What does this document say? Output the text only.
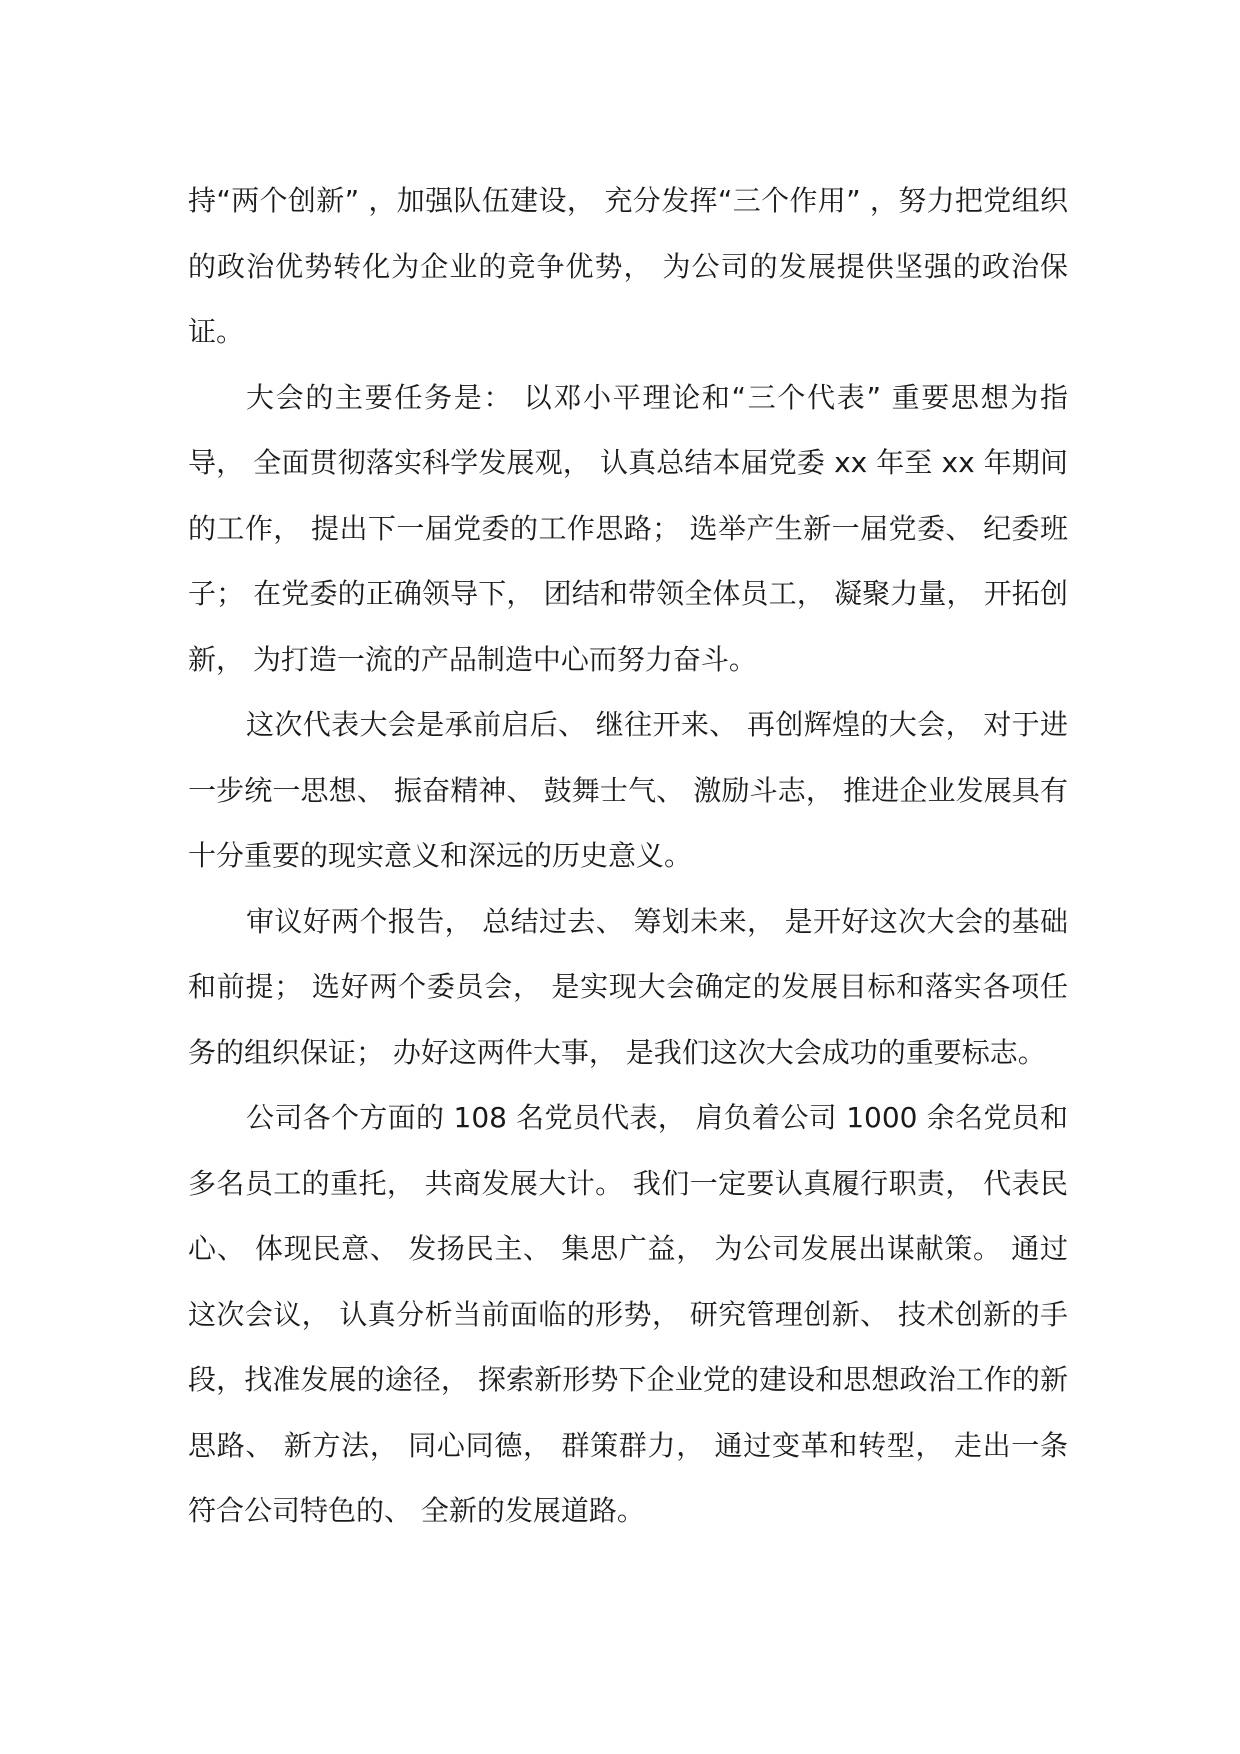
持“两个创新” ，加强队伍建设， 充分发挥“三个作用” ，努力把党组织的政治优势转化为企业的竞争优势， 为公司的发展提供坚强的政治保证。

大会的主要任务是： 以邓小平理论和“三个代表” 重要思想为指导， 全面贯彻落实科学发展观， 认真总结本届党委 xx 年至 xx 年期间的工作， 提出下一届党委的工作思路； 选举产生新一届党委、 纪委班子； 在党委的正确领导下， 团结和带领全体员工， 凝聚力量， 开拓创新， 为打造一流的产品制造中心而努力奋斗。

这次代表大会是承前启后、 继往开来、 再创辉煌的大会， 对于进一步统一思想、 振奋精神、 鼓舞士气、 激励斗志， 推进企业发展具有十分重要的现实意义和深远的历史意义。

审议好两个报告， 总结过去、 筹划未来， 是开好这次大会的基础和前提； 选好两个委员会， 是实现大会确定的发展目标和落实各项任务的组织保证； 办好这两件大事， 是我们这次大会成功的重要标志。

公司各个方面的 108 名党员代表， 肩负着公司 1000 余名党员和多名员工的重托， 共商发展大计。 我们一定要认真履行职责， 代表民心、 体现民意、 发扬民主、 集思广益， 为公司发展出谋献策。 通过这次会议， 认真分析当前面临的形势， 研究管理创新、 技术创新的手段，找准发展的途径， 探索新形势下企业党的建设和思想政治工作的新思路、 新方法， 同心同德， 群策群力， 通过变革和转型， 走出一条符合公司特色的、 全新的发展道路。
